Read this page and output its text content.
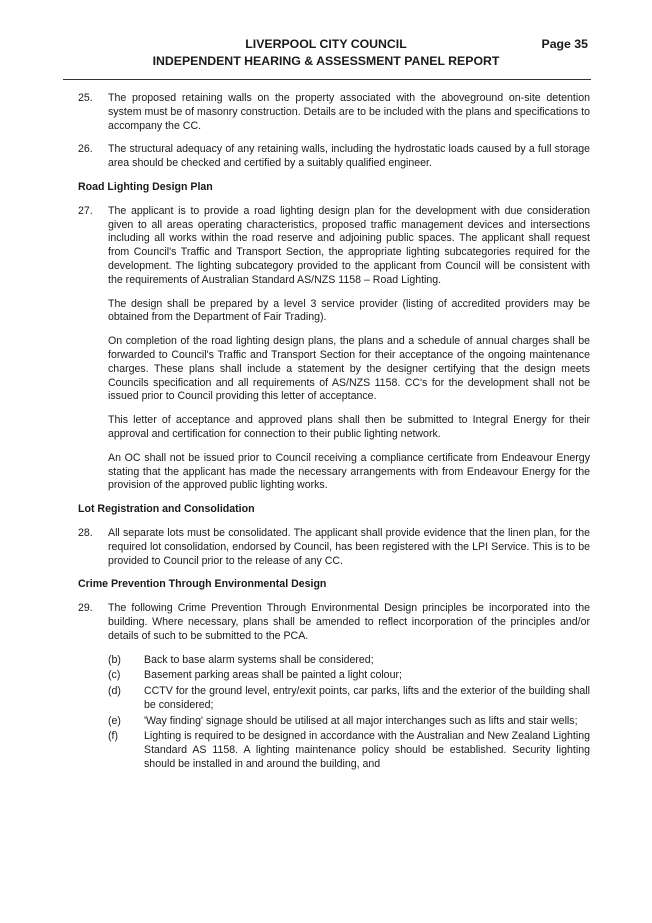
LIVERPOOL CITY COUNCIL	Page 35
INDEPENDENT HEARING & ASSESSMENT PANEL REPORT
25. The proposed retaining walls on the property associated with the aboveground on-site detention system must be of masonry construction. Details are to be included with the plans and specifications to accompany the CC.

26. The structural adequacy of any retaining walls, including the hydrostatic loads caused by a full storage area should be checked and certified by a suitably qualified engineer.

Road Lighting Design Plan
27. The applicant is to provide a road lighting design plan for the development with due consideration given to all areas operating characteristics, proposed traffic management devices and intersections including all works within the road reserve and adjoining public spaces. The applicant shall request from Council's Traffic and Transport Section, the appropriate lighting subcategories required for the development. The lighting subcategory provided to the applicant from Council will be consistent with the requirements of Australian Standard AS/NZS 1158 – Road Lighting.

The design shall be prepared by a level 3 service provider (listing of accredited providers may be obtained from the Department of Fair Trading).

On completion of the road lighting design plans, the plans and a schedule of annual charges shall be forwarded to Council's Traffic and Transport Section for their acceptance of the ongoing maintenance charges. These plans shall include a statement by the designer certifying that the design meets Councils specification and all requirements of AS/NZS 1158. CC's for the development shall not be issued prior to Council providing this letter of acceptance.

This letter of acceptance and approved plans shall then be submitted to Integral Energy for their approval and certification for connection to their public lighting network.

An OC shall not be issued prior to Council receiving a compliance certificate from Endeavour Energy stating that the applicant has made the necessary arrangements with from Endeavour Energy for the provision of the approved public lighting works.

Lot Registration and Consolidation
28. All separate lots must be consolidated. The applicant shall provide evidence that the linen plan, for the required lot consolidation, endorsed by Council, has been registered with the LPI Service. This is to be provided to Council prior to the release of any CC.

Crime Prevention Through Environmental Design
29. The following Crime Prevention Through Environmental Design principles be incorporated into the building. Where necessary, plans shall be amended to reflect incorporation of the principles and/or details of such to be submitted to the PCA.

(b) Back to base alarm systems shall be considered;
(c) Basement parking areas shall be painted a light colour;
(d) CCTV for the ground level, entry/exit points, car parks, lifts and the exterior of the building shall be considered;
(e) 'Way finding' signage should be utilised at all major interchanges such as lifts and stair wells;
(f) Lighting is required to be designed in accordance with the Australian and New Zealand Lighting Standard AS 1158. A lighting maintenance policy should be established. Security lighting should be installed in and around the building, and
